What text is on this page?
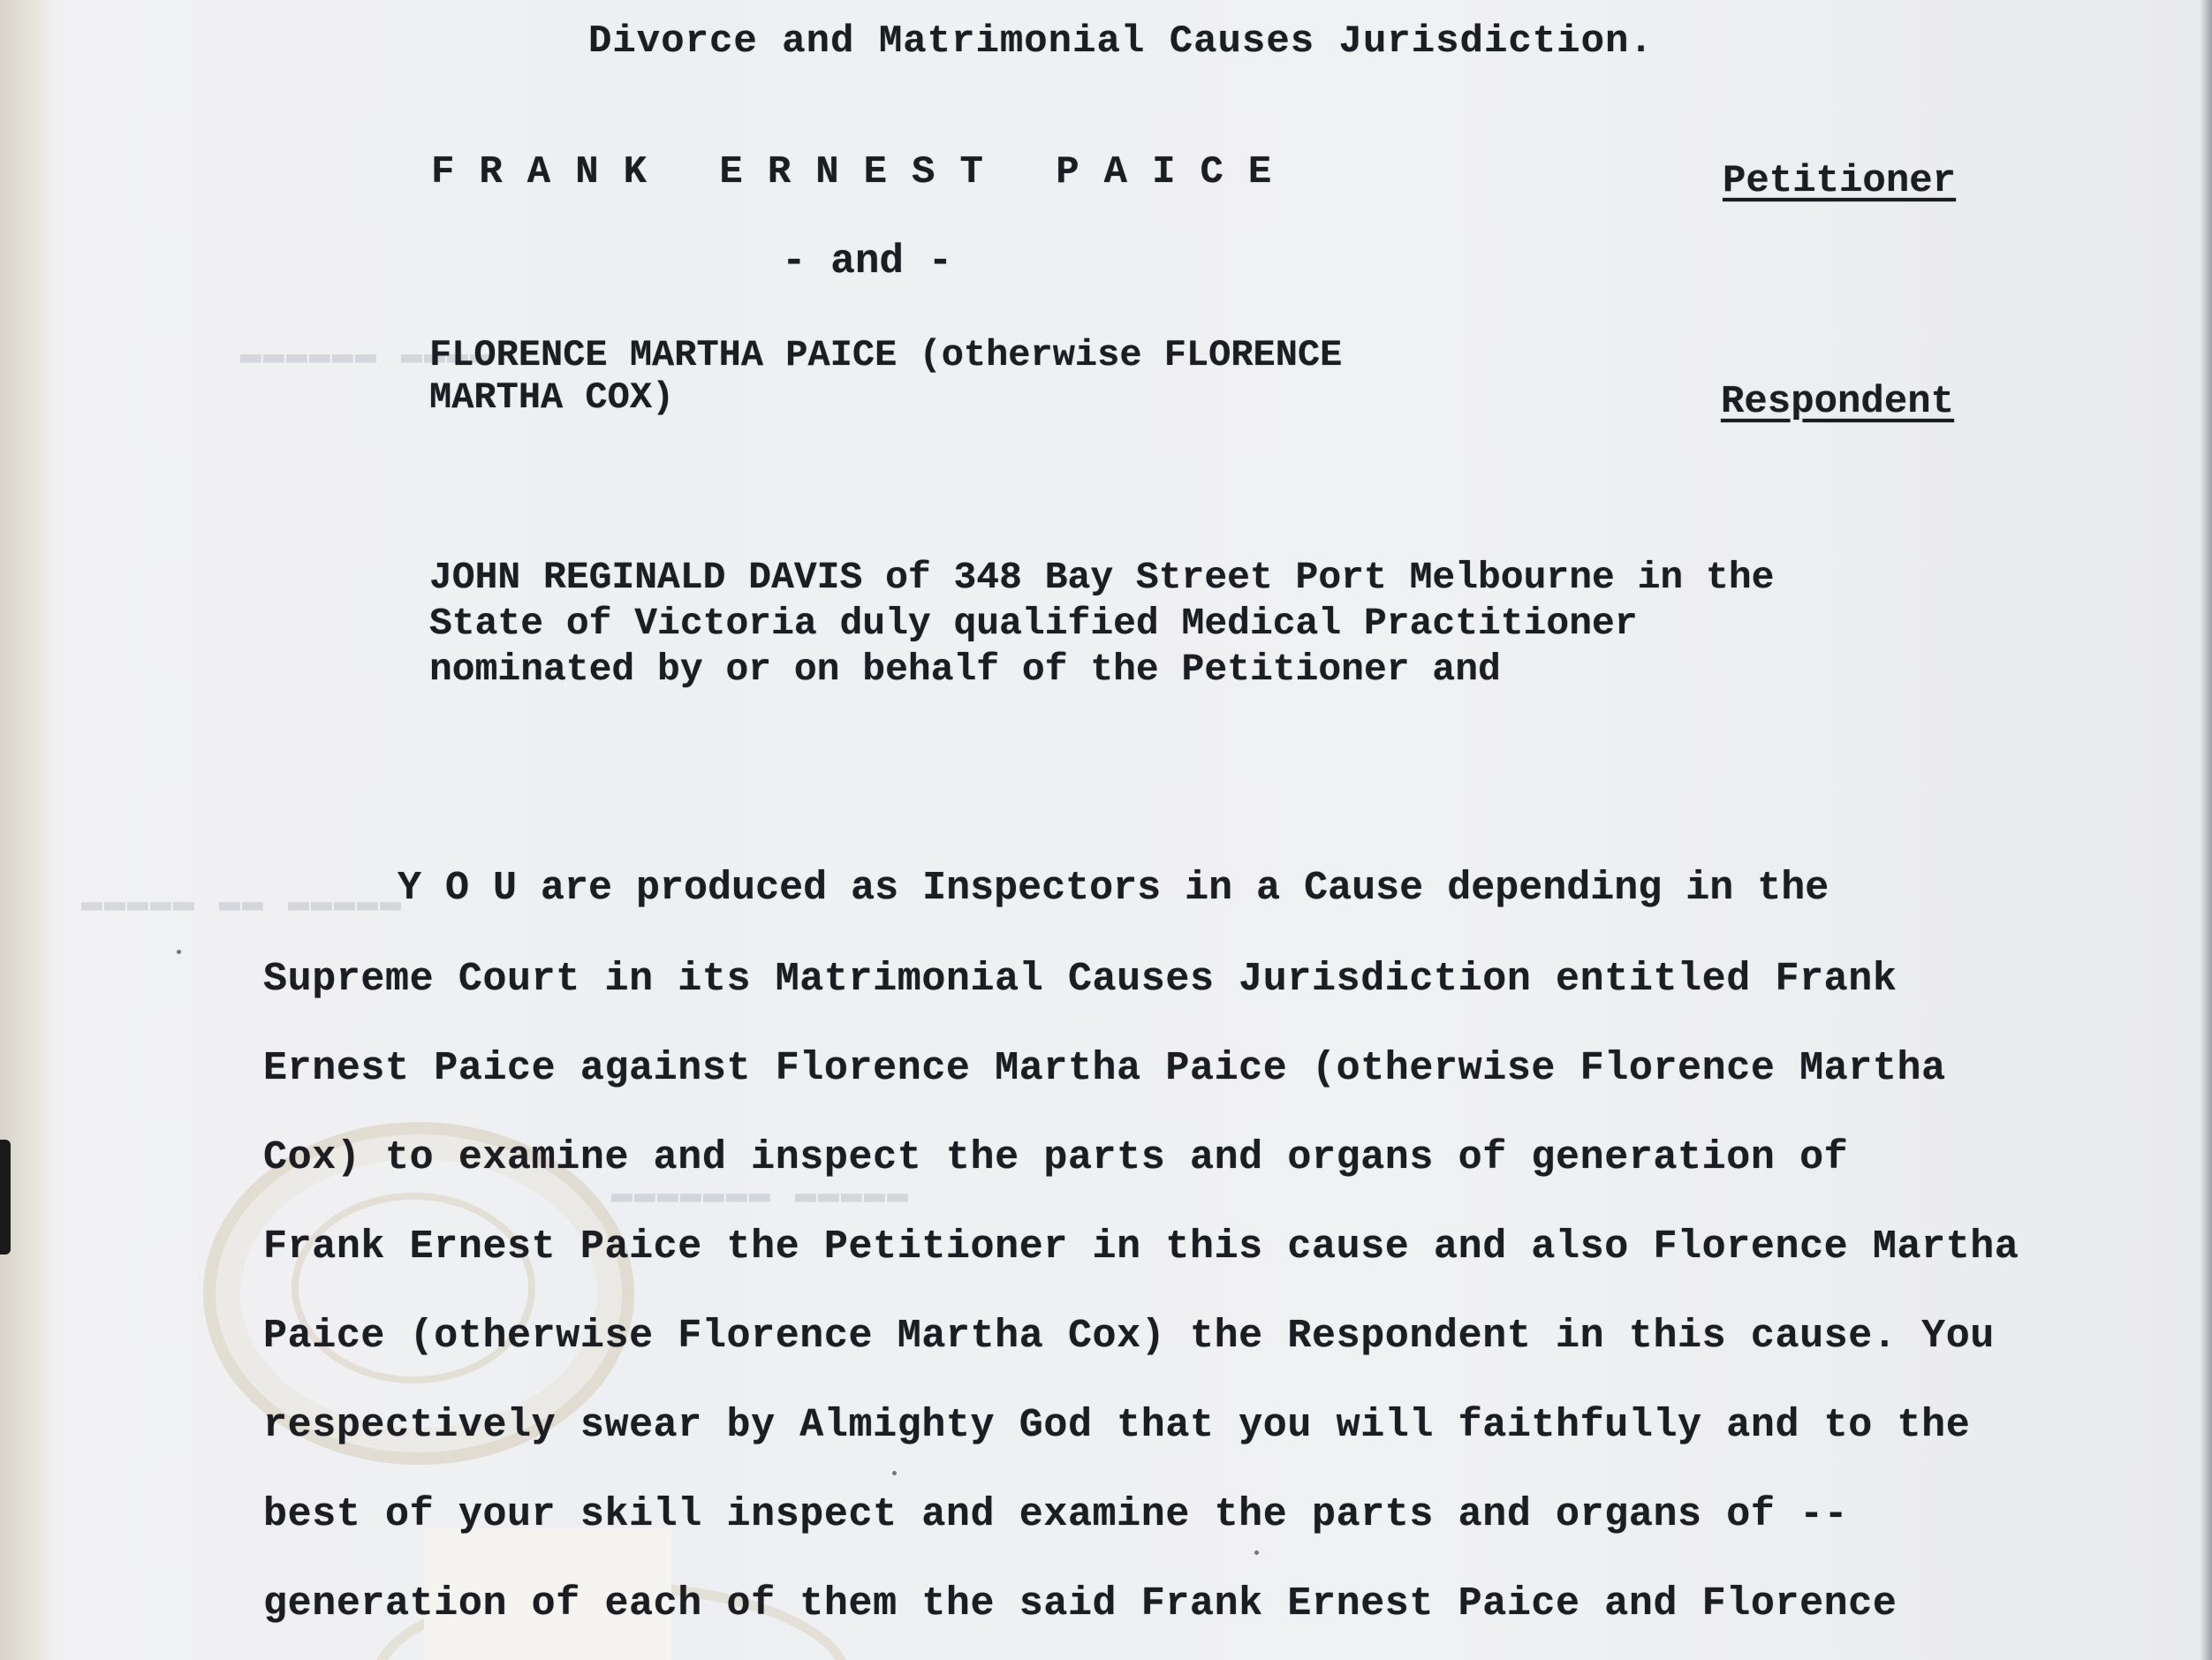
⁠▬▬▬▬ ▬▬▬▬▬▬
▬▬▬▬▬ ▬▬ ▬▬▬▬▬
▬▬▬▬▬ ▬▬▬▬▬▬▬
Divorce and Matrimonial Causes Jurisdiction.
FRANK ERNEST PAICE	Petitioner
- and -
FLORENCE MARTHA PAICE (otherwise FLORENCE
MARTHA COX)	Respondent
JOHN REGINALD DAVIS of 348 Bay Street Port Melbourne in the
State of Victoria duly qualified Medical Practitioner
nominated by or on behalf of the Petitioner and
Y O U are produced as Inspectors in a Cause depending in the
Supreme Court in its Matrimonial Causes Jurisdiction entitled Frank
Ernest Paice against Florence Martha Paice (otherwise Florence Martha
Cox) to examine and inspect the parts and organs of generation of
Frank Ernest Paice the Petitioner in this cause and also Florence Martha
Paice (otherwise Florence Martha Cox) the Respondent in this cause. You
respectively swear by Almighty God that you will faithfully and to the
best of your skill inspect and examine the parts and organs of --
generation of each of them the said Frank Ernest Paice and Florence
